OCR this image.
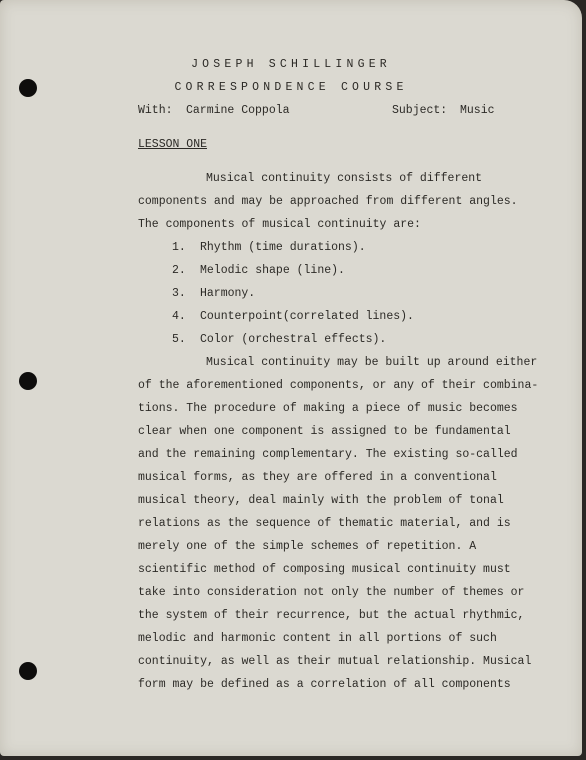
JOSEPH SCHILLINGER
CORRESPONDENCE COURSE
With: Carmine Coppola	Subject: Music
LESSON ONE
Musical continuity consists of different
components and may be approached from different angles.
The components of musical continuity are:
1. Rhythm (time durations).
2. Melodic shape (line).
3. Harmony.
4. Counterpoint(correlated lines).
5. Color (orchestral effects).
Musical continuity may be built up around either
of the aforementioned components, or any of their combina-
tions. The procedure of making a piece of music becomes
clear when one component is assigned to be fundamental
and the remaining complementary. The existing so-called
musical forms, as they are offered in a conventional
musical theory, deal mainly with the problem of tonal
relations as the sequence of thematic material, and is
merely one of the simple schemes of repetition. A
scientific method of composing musical continuity must
take into consideration not only the number of themes or
the system of their recurrence, but the actual rhythmic,
melodic and harmonic content in all portions of such
continuity, as well as their mutual relationship. Musical
form may be defined as a correlation of all components
